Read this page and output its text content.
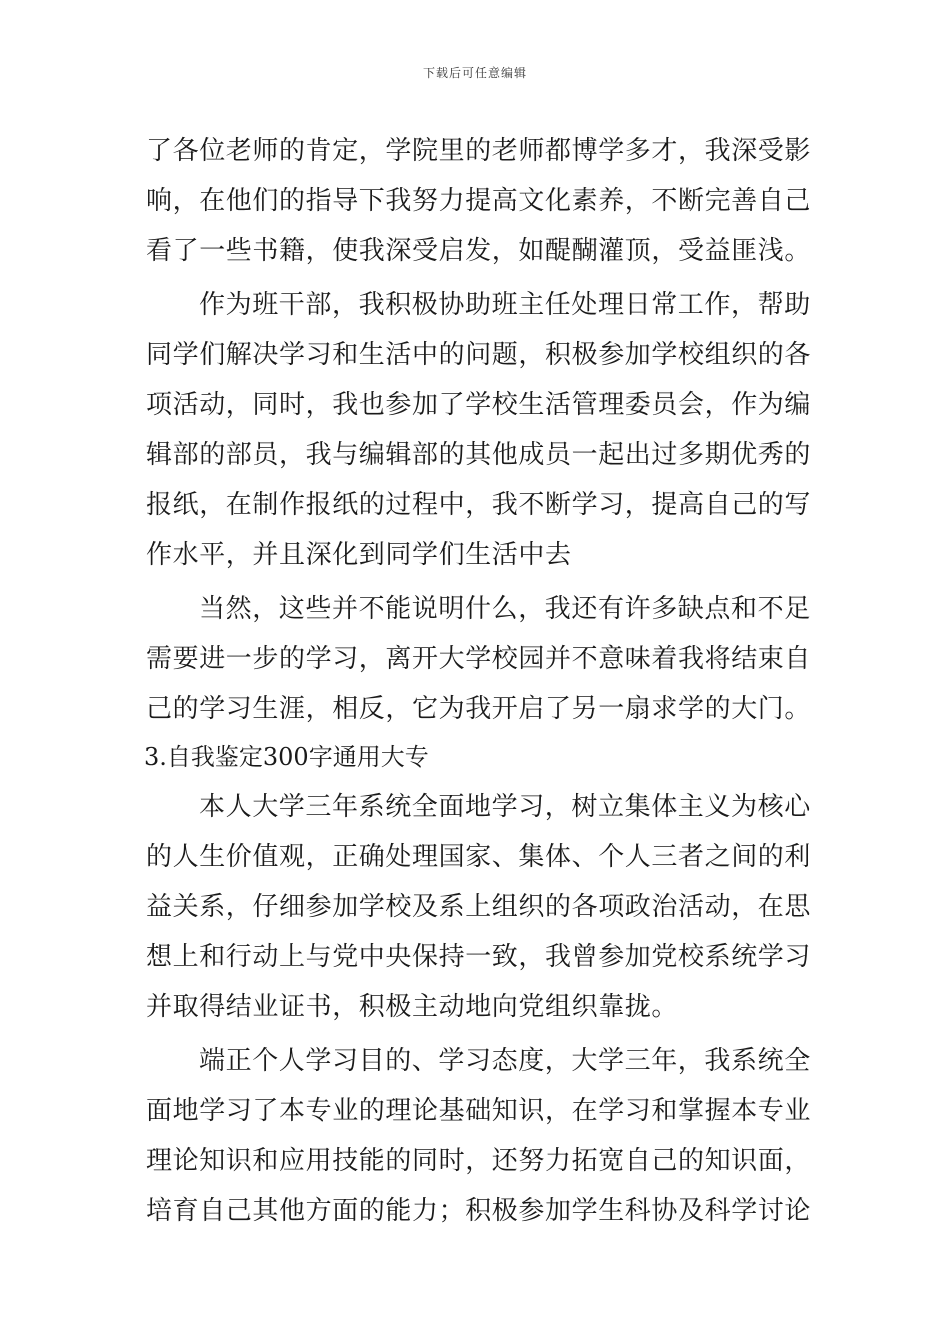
下载后可任意编辑
了各位老师的肯定，学院里的老师都博学多才，我深受影
响，在他们的指导下我努力提高文化素养，不断完善自己
看了一些书籍，使我深受启发，如醍醐灌顶，受益匪浅。
作为班干部，我积极协助班主任处理日常工作，帮助
同学们解决学习和生活中的问题，积极参加学校组织的各
项活动，同时，我也参加了学校生活管理委员会，作为编
辑部的部员，我与编辑部的其他成员一起出过多期优秀的
报纸，在制作报纸的过程中，我不断学习，提高自己的写
作水平，并且深化到同学们生活中去
当然，这些并不能说明什么，我还有许多缺点和不足
需要进一步的学习，离开大学校园并不意味着我将结束自
己的学习生涯，相反，它为我开启了另一扇求学的大门。
3.自我鉴定300字通用大专
本人大学三年系统全面地学习，树立集体主义为核心
的人生价值观，正确处理国家、集体、个人三者之间的利
益关系，仔细参加学校及系上组织的各项政治活动，在思
想上和行动上与党中央保持一致，我曾参加党校系统学习
并取得结业证书，积极主动地向党组织靠拢。
端正个人学习目的、学习态度，大学三年，我系统全
面地学习了本专业的理论基础知识，在学习和掌握本专业
理论知识和应用技能的同时，还努力拓宽自己的知识面，
培育自己其他方面的能力；积极参加学生科协及科学讨论
